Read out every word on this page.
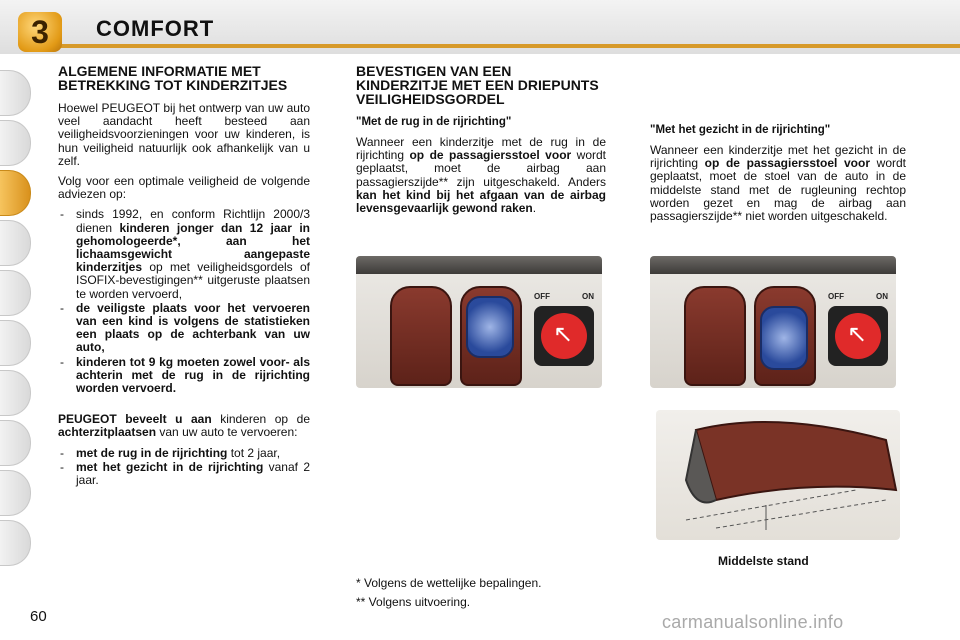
3	COMFORT
ALGEMENE INFORMATIE MET BETREKKING TOT KINDERZITJES

Hoewel PEUGEOT bij het ontwerp van uw auto veel aandacht heeft besteed aan veiligheidsvoorzieningen voor uw kinderen, is hun veiligheid natuurlijk ook afhankelijk van u zelf.

Volg voor een optimale veiligheid de volgende adviezen op:

- sinds 1992, en conform Richtlijn 2000/3 dienen kinderen jonger dan 12 jaar in gehomologeerde*, aan het lichaamsgewicht aangepaste kinderzitjes op met veiligheidsgordels of ISOFIX-bevestigingen** uitgeruste plaatsen te worden vervoerd,
- de veiligste plaats voor het vervoeren van een kind is volgens de statistieken een plaats op de achterbank van uw auto,
- kinderen tot 9 kg moeten zowel voor- als achterin met de rug in de rijrichting worden vervoerd.

PEUGEOT beveelt u aan kinderen op de achterzitplaatsen van uw auto te vervoeren:

- met de rug in de rijrichting tot 2 jaar,
- met het gezicht in de rijrichting vanaf 2 jaar.
BEVESTIGEN VAN EEN KINDERZITJE MET EEN DRIEPUNTS VEILIGHEIDSGORDEL
"Met de rug in de rijrichting"

Wanneer een kinderzitje met de rug in de rijrichting op de passagiersstoel voor wordt geplaatst, moet de airbag aan passagierszijde** zijn uitgeschakeld. Anders kan het kind bij het afgaan van de airbag levensgevaarlijk gewond raken.

"Met het gezicht in de rijrichting"

Wanneer een kinderzitje met het gezicht in de rijrichting op de passagiersstoel voor wordt geplaatst, moet de stoel van de auto in de middelste stand met de rugleuning rechtop worden gezet en mag de airbag aan passagierszijde** niet worden uitgeschakeld.

OFF	ON
↖
OFF	ON
↖
Middelste stand
* Volgens de wettelijke bepalingen.
** Volgens uitvoering.
60	carmanualsonline.info
